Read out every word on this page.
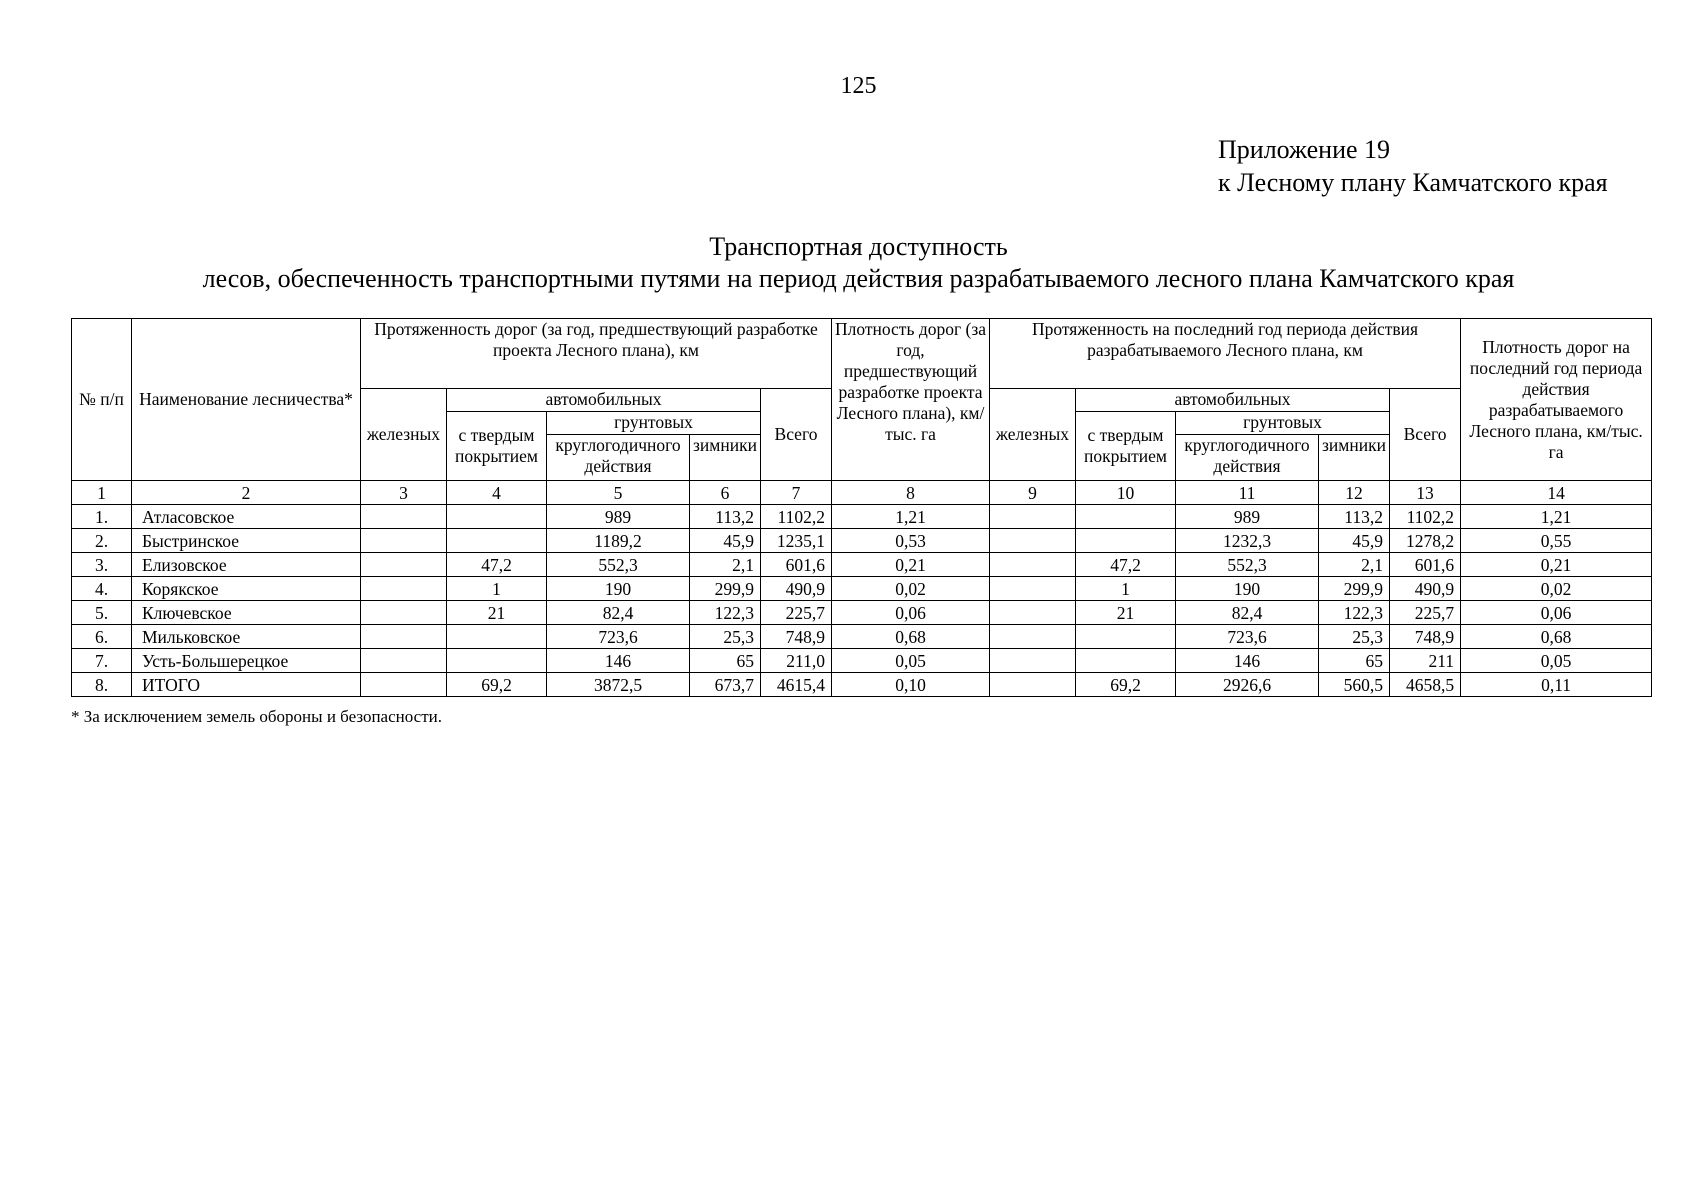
125
Приложение 19
к Лесному плану Камчатского края
Транспортная доступность
лесов, обеспеченность транспортными путями на период действия разрабатываемого лесного плана Камчатского края
№ п/п	Наименование лесничества*	Протяженность дорог (за год, предшествующий разработке проекта Лесного плана), км					Плотность дорог (за год, предшествующий разработке проекта Лесного плана), км/тыс. га	Протяженность на последний год периода действия разрабатываемого Лесного плана, км					Плотность дорог на последний год периода действия разрабатываемого Лесного плана, км/тыс. га
		железных	автомобильных			Всего		железных	автомобильных			Всего	
			с твердым покрытием	грунтовых					с твердым покрытием	грунтовых			
				круглогодичного действия	зимники					круглогодичного действия	зимники		
1	2	3	4	5	6	7	8	9	10	11	12	13	14
1.	Атласовское			989	113,2	1102,2	1,21			989	113,2	1102,2	1,21
2.	Быстринское			1189,2	45,9	1235,1	0,53			1232,3	45,9	1278,2	0,55
3.	Елизовское		47,2	552,3	2,1	601,6	0,21		47,2	552,3	2,1	601,6	0,21
4.	Корякское		1	190	299,9	490,9	0,02		1	190	299,9	490,9	0,02
5.	Ключевское		21	82,4	122,3	225,7	0,06		21	82,4	122,3	225,7	0,06
6.	Мильковское			723,6	25,3	748,9	0,68			723,6	25,3	748,9	0,68
7.	Усть-Большерецкое			146	65	211,0	0,05			146	65	211	0,05
8.	ИТОГО		69,2	3872,5	673,7	4615,4	0,10		69,2	2926,6	560,5	4658,5	0,11
* За исключением земель обороны и безопасности.
